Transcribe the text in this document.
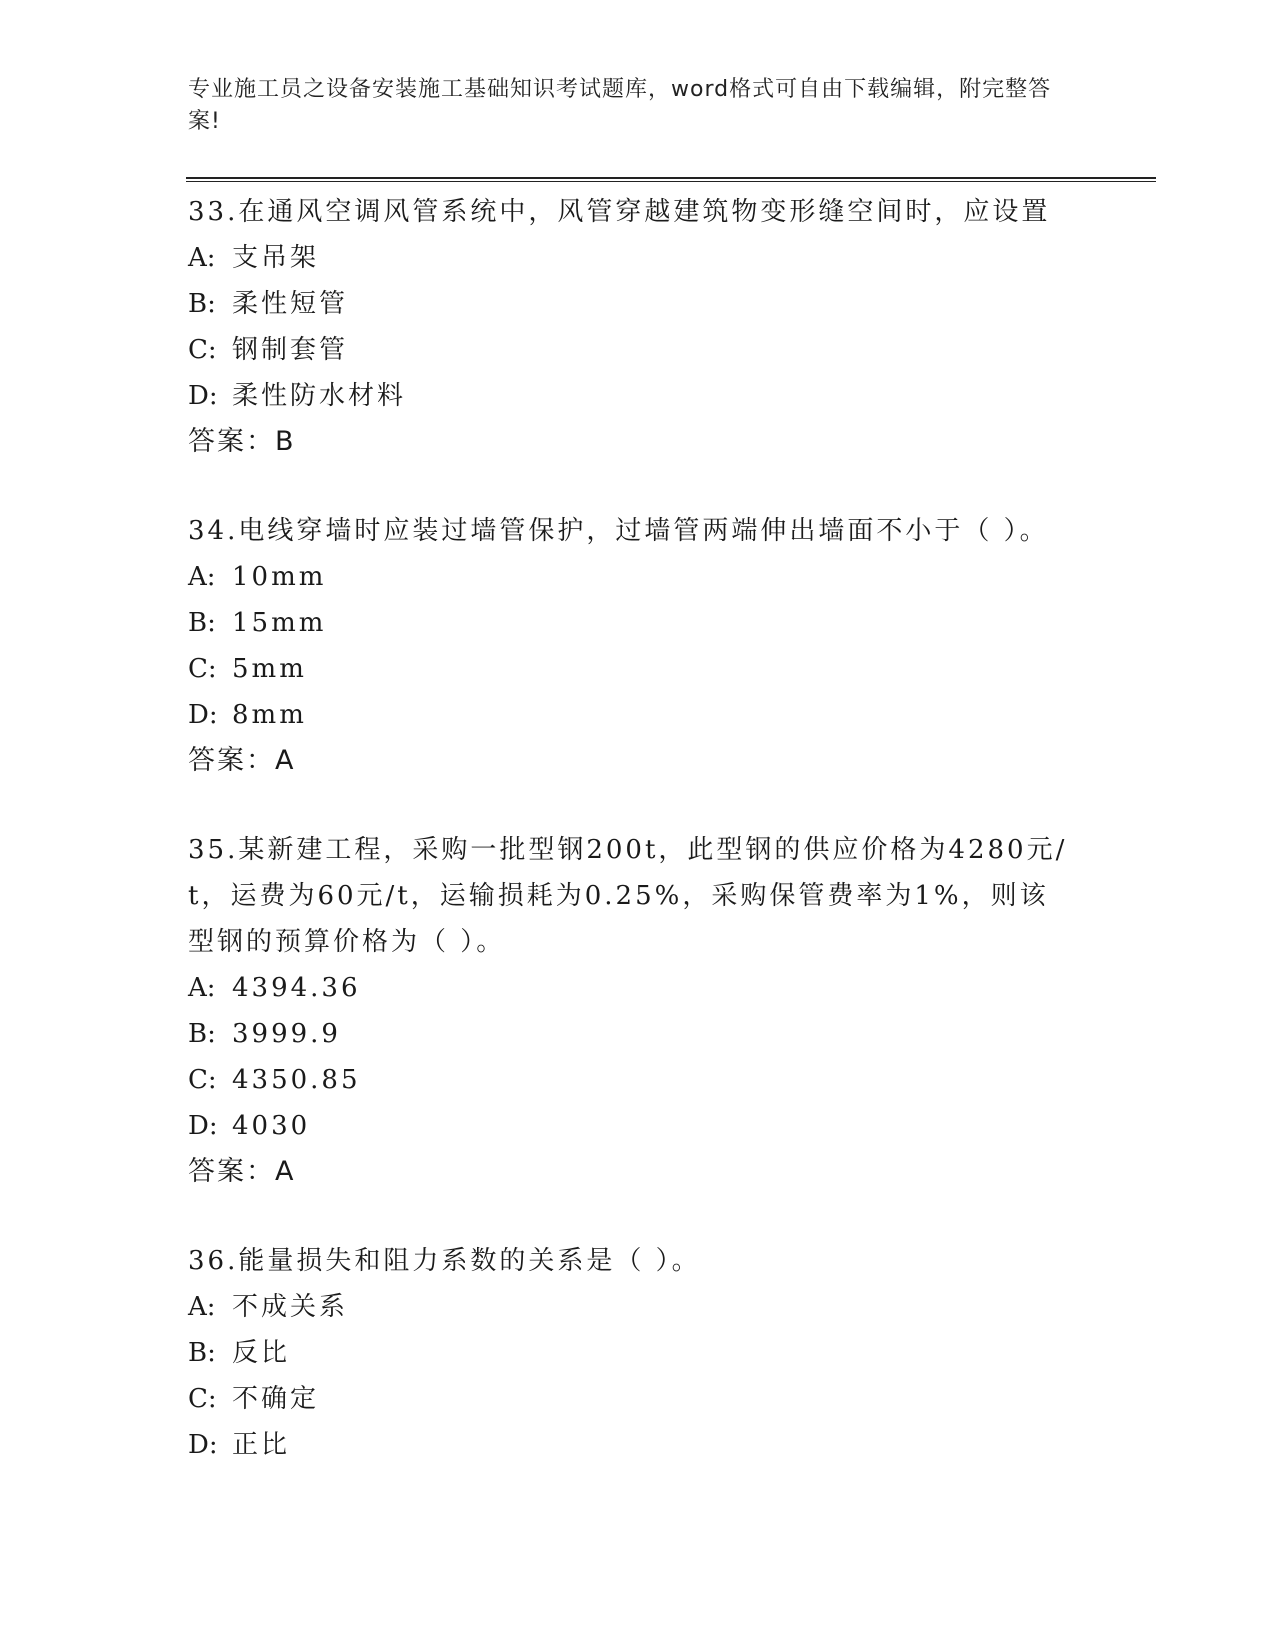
专业施工员之设备安装施工基础知识考试题库，word格式可自由下载编辑，附完整答案!
33.在通风空调风管系统中，风管穿越建筑物变形缝空间时，应设置
A: 支吊架
B: 柔性短管
C: 钢制套管
D: 柔性防水材料
答案：B
34.电线穿墙时应装过墙管保护，过墙管两端伸出墙面不小于（ ）。
A: 10mm
B: 15mm
C: 5mm
D: 8mm
答案：A
35.某新建工程，采购一批型钢200t，此型钢的供应价格为4280元/t，运费为60元/t，运输损耗为0.25%，采购保管费率为1%，则该型钢的预算价格为（ ）。
A: 4394.36
B: 3999.9
C: 4350.85
D: 4030
答案：A
36.能量损失和阻力系数的关系是（ ）。
A: 不成关系
B: 反比
C: 不确定
D: 正比
